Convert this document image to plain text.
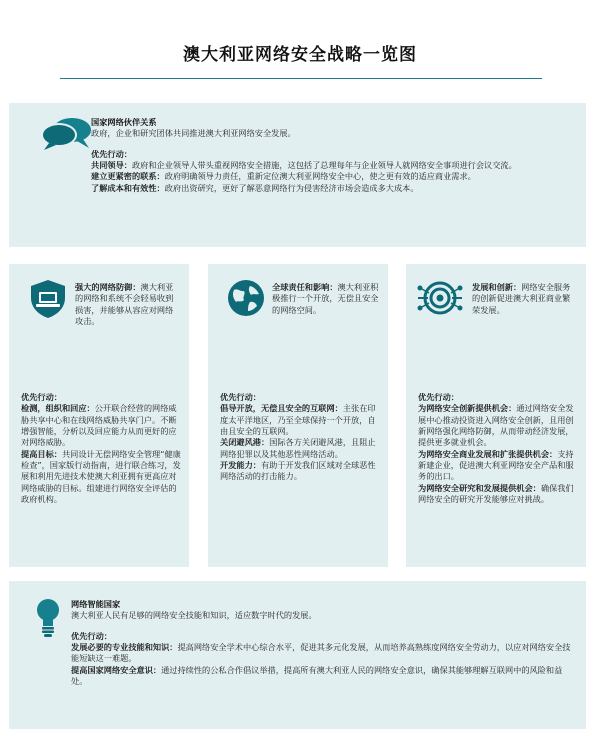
澳大利亚网络安全战略一览图

国家网络伙伴关系

政府，企业和研究团体共同推进澳大利亚网络安全发展。

优先行动：

共同领导：政府和企业领导人带头重视网络安全措施，这包括了总理每年与企业领导人就网络安全事项进行会议交流。

建立更紧密的联系：政府明确领导力责任，重新定位澳大利亚网络安全中心，使之更有效的适应商业需求。

了解成本和有效性：政府出资研究，更好了解恶意网络行为侵害经济市场会造成多大成本。

强大的网络防御：澳大利亚的网络和系统不会轻易收到损害，并能够从容应对网络攻击。

优先行动：

检测，组织和回应：公开联合经营的网络威胁共享中心和在线网络威胁共享门户。不断增强智能，分析以及回应能力从而更好的应对网络威胁。

提高目标：共同设计无偿网络安全管理“健康检查”，国家版行动指南，进行联合练习，发展和利用先进技术使澳大利亚拥有更高应对网络威胁的目标。组建进行网络安全评估的政府机构。

全球责任和影响：澳大利亚积极推行一个开放，无偿且安全的网络空间。

优先行动：

倡导开放，无偿且安全的互联网：主张在印度太平洋地区，乃至全球保持一个开放，自由且安全的互联网。

关闭避风港：国际各方关闭避风港，且阻止网络犯罪以及其他恶性网络活动。

开发能力：有助于开发我们区域对全球恶性网络活动的打击能力。

发展和创新：网络安全服务的创新促进澳大利亚商业繁荣发展。

优先行动：

为网络安全创新提供机会：通过网络安全发展中心推动投资进入网络安全创新，且用创新网络强化网络防御，从而带动经济发展，提供更多就业机会。

为网络安全商业发展和扩张提供机会：支持新建企业，促进澳大利亚网络安全产品和服务的出口。

为网络安全研究和发展提供机会：确保我们网络安全的研究开发能够应对挑战。

网络智能国家

澳大利亚人民有足够的网络安全技能和知识，适应数字时代的发展。

优先行动：

发展必要的专业技能和知识：提高网络安全学术中心综合水平，促进其多元化发展，从而培养高熟练度网络安全劳动力，以应对网络安全技能短缺这一难题。

提高国家网络安全意识：通过持续性的公私合作倡议举措，提高所有澳大利亚人民的网络安全意识，确保其能够理解互联网中的风险和益处。
